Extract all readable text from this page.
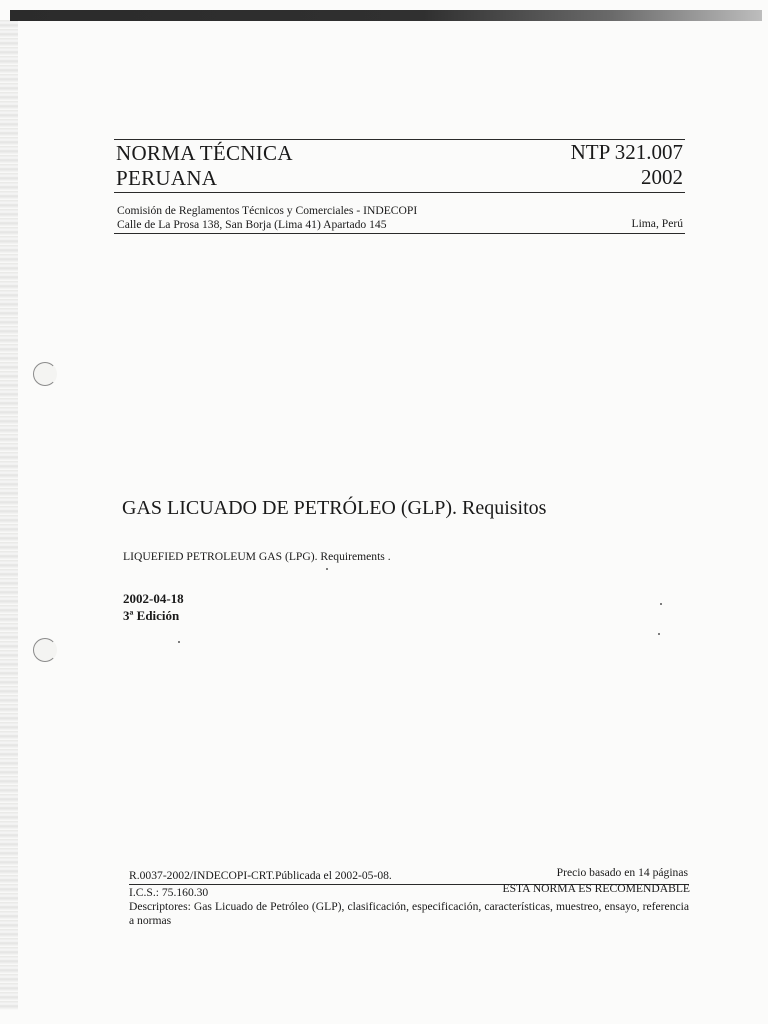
NORMA TÉCNICA
PERUANA
NTP 321.007
2002
Comisión de Reglamentos Técnicos y Comerciales - INDECOPI
Calle de La Prosa 138, San Borja (Lima 41) Apartado 145	Lima, Perú
GAS LICUADO DE PETRÓLEO (GLP). Requisitos
LIQUEFIED PETROLEUM GAS (LPG). Requirements .
2002-04-18
3ª Edición
Precio basado en 14 páginas
R.0037-2002/INDECOPI-CRT.Públicada el 2002-05-08.
I.C.S.: 75.160.30	ESTA NORMA ES RECOMENDABLE
Descriptores: Gas Licuado de Petróleo (GLP), clasificación, especificación, características, muestreo, ensayo, referencia a normas
